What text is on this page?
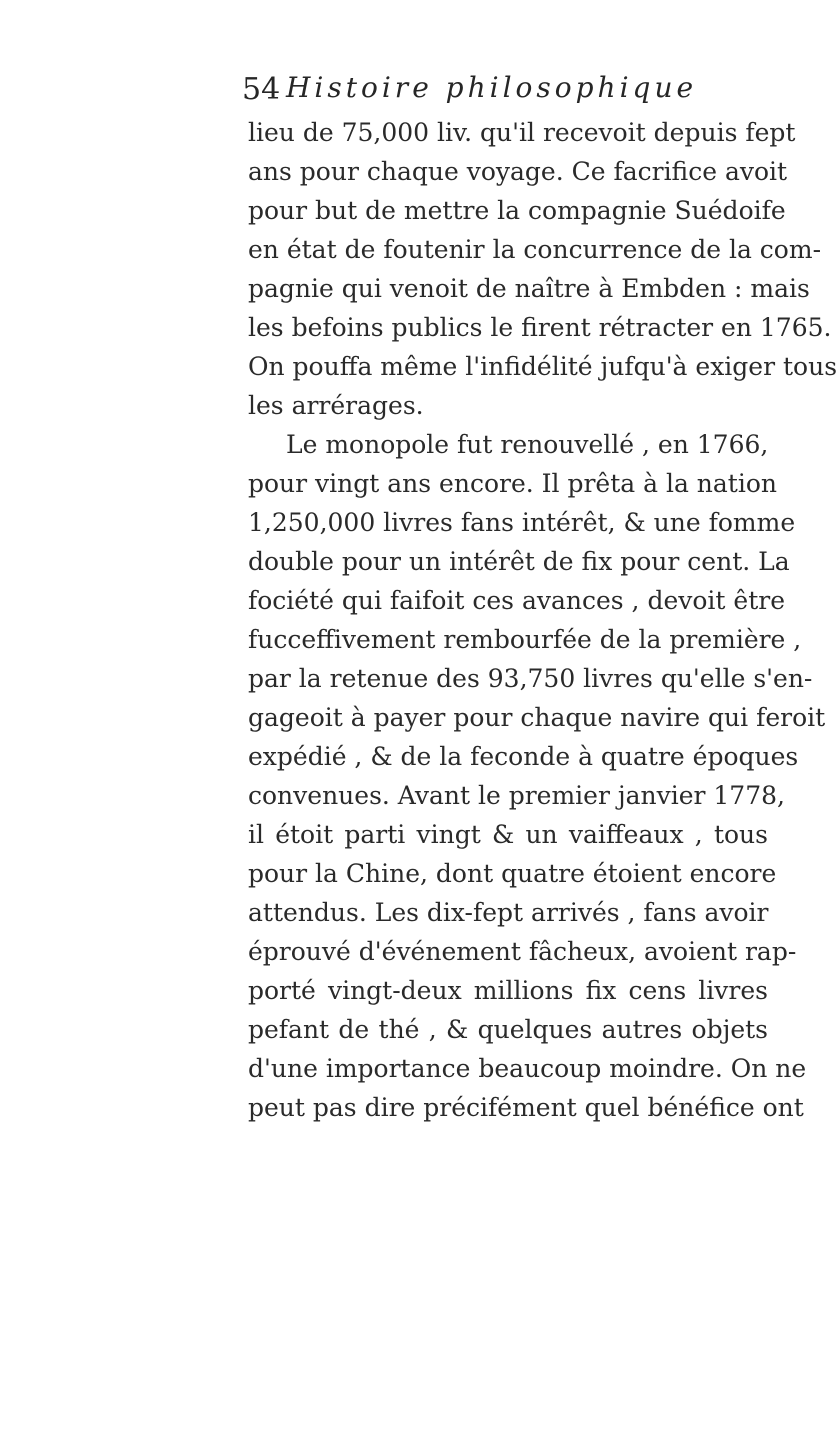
54 Histoire philosophique
lieu de 75,000 liv. qu'il recevoit depuis fept
ans pour chaque voyage. Ce facrifice avoit
pour but de mettre la compagnie Suédoife
en état de foutenir la concurrence de la com-
pagnie qui venoit de naître à Embden : mais
les befoins publics le firent rétracter en 1765.
On pouffa même l'infidélité jufqu'à exiger tous
les arrérages.
Le monopole fut renouvellé , en 1766,
pour vingt ans encore. Il prêta à la nation
1,250,000 livres fans intérêt, & une fomme
double pour un intérêt de fix pour cent. La
fociété qui faifoit ces avances , devoit être
fucceffivement rembourfée de la première ,
par la retenue des 93,750 livres qu'elle s'en-
gageoit à payer pour chaque navire qui feroit
expédié , & de la feconde à quatre époques
convenues. Avant le premier janvier 1778,
il étoit parti vingt & un vaiffeaux , tous
pour la Chine, dont quatre étoient encore
attendus. Les dix-fept arrivés , fans avoir
éprouvé d'événement fâcheux, avoient rap-
porté vingt-deux millions fix cens livres
pefant de thé , & quelques autres objets
d'une importance beaucoup moindre. On ne
peut pas dire précifément quel bénéfice ont
